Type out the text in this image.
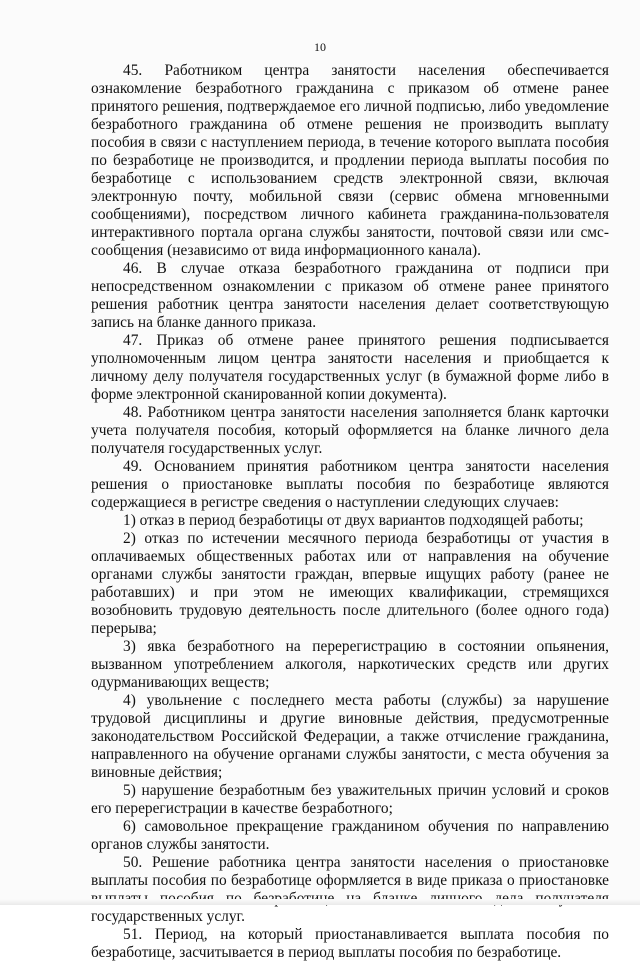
10

45. Работником центра занятости населения обеспечивается ознакомление безработного гражданина с приказом об отмене ранее принятого решения, подтверждаемое его личной подписью, либо уведомление безработного гражданина об отмене решения не производить выплату пособия в связи с наступлением периода, в течение которого выплата пособия по безработице не производится, и продлении периода выплаты пособия по безработице с использованием средств электронной связи, включая электронную почту, мобильной связи (сервис обмена мгновенными сообщениями), посредством личного кабинета гражданина-пользователя интерактивного портала органа службы занятости, почтовой связи или смс-сообщения (независимо от вида информационного канала).

46. В случае отказа безработного гражданина от подписи при непосредственном ознакомлении с приказом об отмене ранее принятого решения работник центра занятости населения делает соответствующую запись на бланке данного приказа.

47. Приказ об отмене ранее принятого решения подписывается уполномоченным лицом центра занятости населения и приобщается к личному делу получателя государственных услуг (в бумажной форме либо в форме электронной сканированной копии документа).

48. Работником центра занятости населения заполняется бланк карточки учета получателя пособия, который оформляется на бланке личного дела получателя государственных услуг.

49. Основанием принятия работником центра занятости населения решения о приостановке выплаты пособия по безработице являются содержащиеся в регистре сведения о наступлении следующих случаев:

1) отказ в период безработицы от двух вариантов подходящей работы;

2) отказ по истечении месячного периода безработицы от участия в оплачиваемых общественных работах или от направления на обучение органами службы занятости граждан, впервые ищущих работу (ранее не работавших) и при этом не имеющих квалификации, стремящихся возобновить трудовую деятельность после длительного (более одного года) перерыва;

3) явка безработного на перерегистрацию в состоянии опьянения, вызванном употреблением алкоголя, наркотических средств или других одурманивающих веществ;

4) увольнение с последнего места работы (службы) за нарушение трудовой дисциплины и другие виновные действия, предусмотренные законодательством Российской Федерации, а также отчисление гражданина, направленного на обучение органами службы занятости, с места обучения за виновные действия;

5) нарушение безработным без уважительных причин условий и сроков его перерегистрации в качестве безработного;

6) самовольное прекращение гражданином обучения по направлению органов службы занятости.

50. Решение работника центра занятости населения о приостановке выплаты пособия по безработице оформляется в виде приказа о приостановке государственных услуг.

51. Период, на который приостанавливается выплата пособия по безработице, засчитывается в период выплаты пособия по безработице.
